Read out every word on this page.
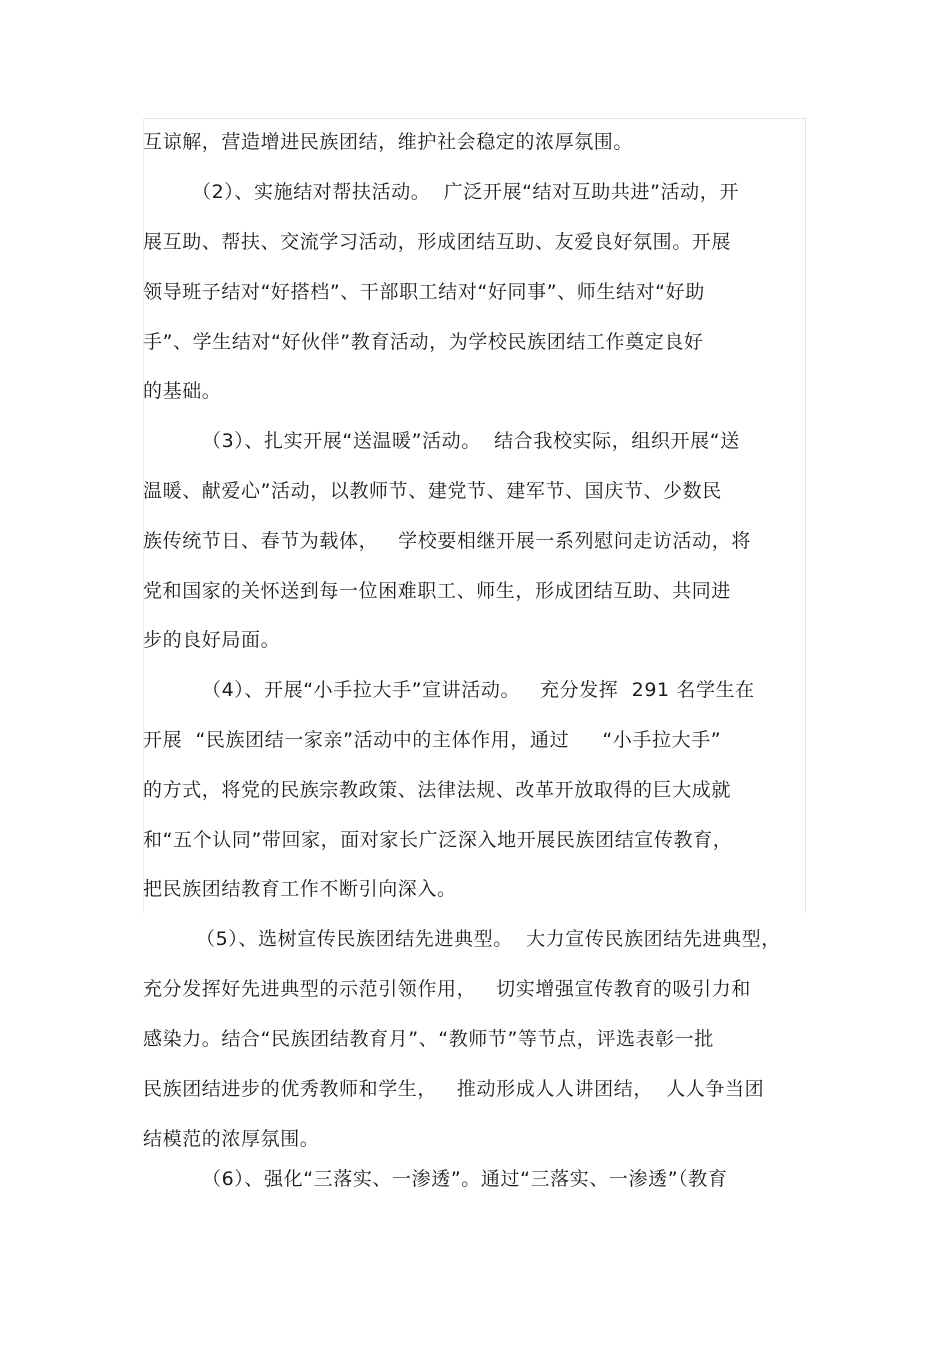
互谅解，营造增进民族团结，维护社会稳定的浓厚氛围。
（2）、实施结对帮扶活动。  广泛开展“结对互助共进”活动，开
展互助、帮扶、交流学习活动，形成团结互助、友爱良好氛围。开展
领导班子结对“好搭档”、干部职工结对“好同事”、师生结对“好助
手”、学生结对“好伙伴”教育活动，为学校民族团结工作奠定良好
的基础。
（3）、扎实开展“送温暖”活动。  结合我校实际，组织开展“送
温暖、献爱心”活动，以教师节、建党节、建军节、国庆节、少数民
族传统节日、春节为载体，   学校要相继开展一系列慰问走访活动，将
党和国家的关怀送到每一位困难职工、师生，形成团结互助、共同进
步的良好局面。
（4）、开展“小手拉大手”宣讲活动。   充分发挥  291 名学生在
开展  “民族团结一家亲”活动中的主体作用，通过     “小手拉大手”
的方式，将党的民族宗教政策、法律法规、改革开放取得的巨大成就
和“五个认同”带回家，面对家长广泛深入地开展民族团结宣传教育，
把民族团结教育工作不断引向深入。
（5）、选树宣传民族团结先进典型。  大力宣传民族团结先进典型，
充分发挥好先进典型的示范引领作用，   切实增强宣传教育的吸引力和
感染力。结合“民族团结教育月”、“教师节”等节点，评选表彰一批
民族团结进步的优秀教师和学生，   推动形成人人讲团结，  人人争当团
结模范的浓厚氛围。
（6）、强化“三落实、一渗透”。通过“三落实、一渗透”（教育
